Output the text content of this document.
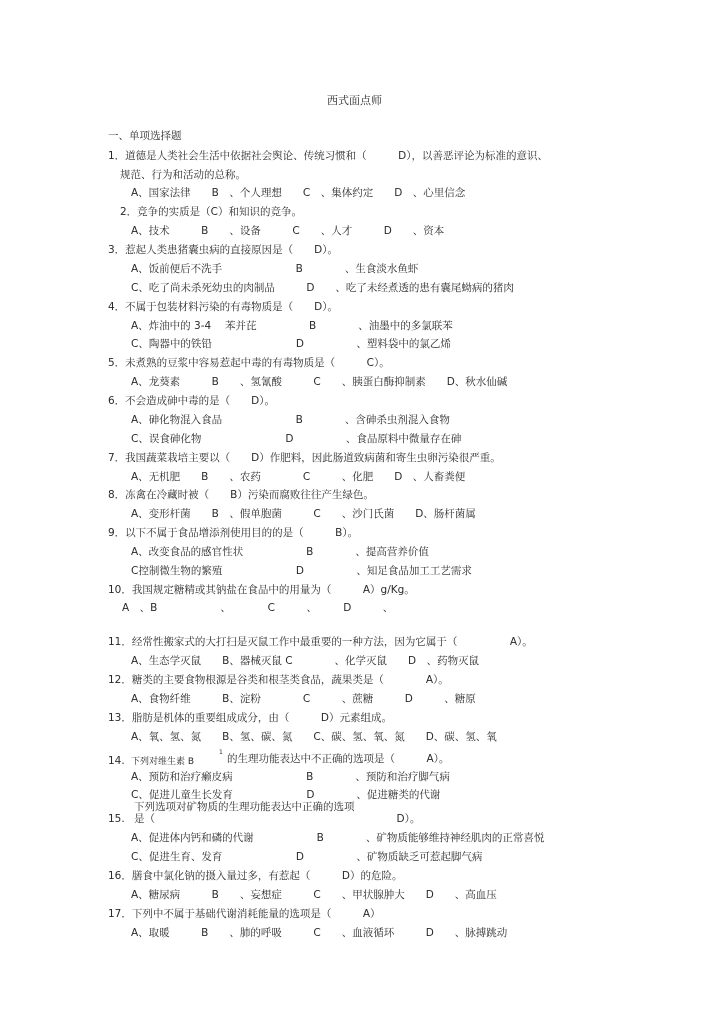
西式面点师
一、单项选择题
1．道德是人类社会生活中依据社会舆论、传统习惯和（　　　D），以善恶评论为标准的意识、
规范、行为和活动的总称。
A、国家法律　　B　、个人理想　　C　、集体约定　　D　、心里信念
2．竞争的实质是（C）和知识的竞争。
A、技术　　　B　　、设备　　　C　　、人才　　　D　　、资本
3．惹起人类患猪囊虫病的直接原因是（　　D）。
A、饭前便后不洗手　　　　　　　B　　　　、生食淡水鱼虾
C、吃了尚未杀死幼虫的肉制品　　　D　　、吃了未经煮透的患有囊尾蚴病的猪肉
4．不属于包装材料污染的有毒物质是（　　D）。
A、炸油中的 3-4　 苯并芘　　　　　B　　　　、油墨中的多氯联苯
C、陶器中的铁铅　　　　　　　　D　　　　　、塑料袋中的氯乙烯
5．未煮熟的豆浆中容易惹起中毒的有毒物质是（　　　C）。
A、龙葵素　　　B　　、氢氰酸　　　C　　、胰蛋白酶抑制素　　D、秋水仙碱
6．不会造成砷中毒的是（　　D）。
A、砷化物混入食品　　　　　　　B　　　　、含砷杀虫剂混入食物
C、误食砷化物　　　　　　　　D　　　　　、食品原料中微量存在砷
7．我国蔬菜栽培主要以（　　D）作肥料，因此肠道致病菌和寄生虫卵污染很严重。
A、无机肥　　B　　、农药　　　　C　　　、化肥　　D　、人畜粪便
8．冻禽在冷藏时被（　　B）污染而腐败往往产生绿色。
A、变形杆菌　　B　、假单胞菌　　　C　　、沙门氏菌　　D、肠杆菌属
9．以下不属于食品增添剂使用目的的是（　　　B）。
A、改变食品的感官性状　　　　　　B　　　　、提高营养价值
C控制微生物的繁殖　　　　　　　D　　　　　、知足食品加工工艺需求
10．我国规定糖精或其钠盐在食品中的用量为（　　　A）g/Kg。
A　、B　　　　　　、　　　　C　　　、　　　D　　　、
11．经常性搬家式的大打扫是灭鼠工作中最重要的一种方法，因为它属于（　　　　　A）。
A、生态学灭鼠　　B、器械灭鼠 C　　　　、化学灭鼠　　D　、药物灭鼠
12．糖类的主要食物根源是谷类和根茎类食品，蔬果类是（　　　　A）。
A、食物纤维　　　B、淀粉　　　　C　　　、蔗糖　　　D　　　、糖原
13．脂肪是机体的重要组成成分，由（　　　D）元素组成。
A、氧、氢、氮　　B、氢、碳、氮　　C、碳、氢、氧、氮　　D、碳、氢、氧
14. 下列对维生素 B
1
的生理功能表达中不正确的选项是（　　　A）。
A、预防和治疗癞皮病　　　　　　　B　　　　、预防和治疗脚气病
C、促进儿童生长发育　　　　　　　D　　　　、促进糖类的代谢
下列选项对矿物质的生理功能表达中正确的选项
15. 是（　　　　　　　　　　　　　　　　　　　　　　　D）。
A、促进体内钙和磷的代谢　　　　　　B　　　　、矿物质能够维持神经肌肉的正常喜悦
C、促进生育、发育　　　　　　　D　　　　　、矿物质缺乏可惹起脚气病
16．膳食中氯化钠的摄入量过多，有惹起（　　　D）的危险。
A、糖尿病　　　B　　、妄想症　　　C　　、甲状腺肿大　　D　　、高血压
17．下列中不属于基础代谢消耗能量的选项是（　　　A）
A、取暖　　　B　　、肺的呼吸　　　C　　、血液循环　　　D　　、脉搏跳动
